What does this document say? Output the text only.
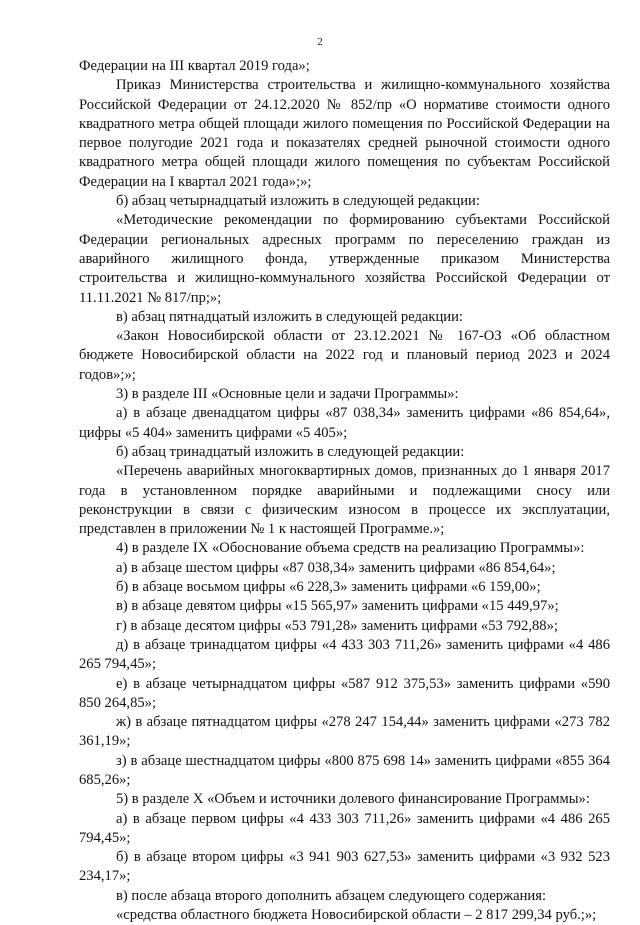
2

Федерации на III квартал 2019 года»;

Приказ Министерства строительства и жилищно-коммунального хозяйства Российской Федерации от 24.12.2020 № 852/пр «О нормативе стоимости одного квадратного метра общей площади жилого помещения по Российской Федерации на первое полугодие 2021 года и показателях средней рыночной стоимости одного квадратного метра общей площади жилого помещения по субъектам Российской Федерации на I квартал 2021 года»;»;

б) абзац четырнадцатый изложить в следующей редакции:

«Методические рекомендации по формированию субъектами Российской Федерации региональных адресных программ по переселению граждан из аварийного жилищного фонда, утвержденные приказом Министерства строительства и жилищно-коммунального хозяйства Российской Федерации от 11.11.2021 № 817/пр;»;

в) абзац пятнадцатый изложить в следующей редакции:

«Закон Новосибирской области от 23.12.2021 № 167-ОЗ «Об областном бюджете Новосибирской области на 2022 год и плановый период 2023 и 2024 годов»;»;

3) в разделе III «Основные цели и задачи Программы»:

а) в абзаце двенадцатом цифры «87 038,34» заменить цифрами «86 854,64», цифры «5 404» заменить цифрами «5 405»;

б) абзац тринадцатый изложить в следующей редакции:

«Перечень аварийных многоквартирных домов, признанных до 1 января 2017 года в установленном порядке аварийными и подлежащими сносу или реконструкции в связи с физическим износом в процессе их эксплуатации, представлен в приложении № 1 к настоящей Программе.»;

4) в разделе IX «Обоснование объема средств на реализацию Программы»:

а) в абзаце шестом цифры «87 038,34» заменить цифрами «86 854,64»;

б) в абзаце восьмом цифры «6 228,3» заменить цифрами «6 159,00»;

в) в абзаце девятом цифры «15 565,97» заменить цифрами «15 449,97»;

г) в абзаце десятом цифры «53 791,28» заменить цифрами «53 792,88»;

д) в абзаце тринадцатом цифры «4 433 303 711,26» заменить цифрами «4 486 265 794,45»;

е) в абзаце четырнадцатом цифры «587 912 375,53» заменить цифрами «590 850 264,85»;

ж) в абзаце пятнадцатом цифры «278 247 154,44» заменить цифрами «273 782 361,19»;

з) в абзаце шестнадцатом цифры «800 875 698 14» заменить цифрами «855 364 685,26»;

5) в разделе X «Объем и источники долевого финансирование Программы»:

а) в абзаце первом цифры «4 433 303 711,26» заменить цифрами «4 486 265 794,45»;

б) в абзаце втором цифры «3 941 903 627,53» заменить цифрами «3 932 523 234,17»;

в) после абзаца второго дополнить абзацем следующего содержания:

«средства областного бюджета Новосибирской области – 2 817 299,34 руб.;»;
